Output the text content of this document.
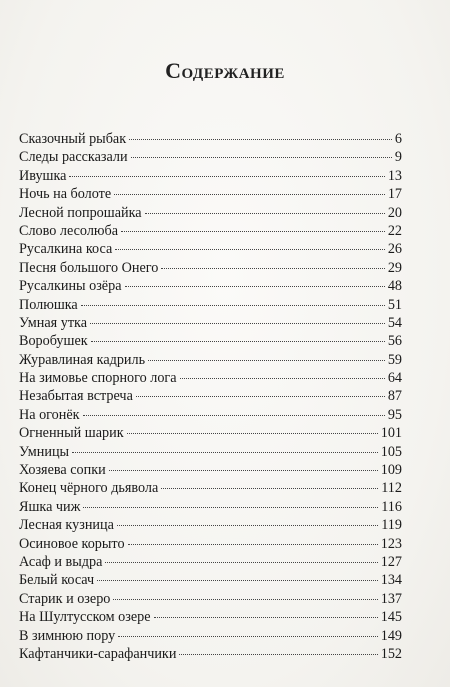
Содержание
Сказочный рыбак	6
Следы рассказали	9
Ивушка	13
Ночь на болоте	17
Лесной попрошайка	20
Слово лесолюба	22
Русалкина коса	26
Песня большого Онего	29
Русалкины озёра	48
Полюшка	51
Умная утка	54
Воробушек	56
Журавлиная кадриль	59
На зимовье спорного лога	64
Незабытая встреча	87
На огонёк	95
Огненный шарик	101
Умницы	105
Хозяева сопки	109
Конец чёрного дьявола	112
Яшка чиж	116
Лесная кузница	119
Осиновое корыто	123
Асаф и выдра	127
Белый косач	134
Старик и озеро	137
На Шултусском озере	145
В зимнюю пору	149
Кафтанчики-сарафанчики	152
